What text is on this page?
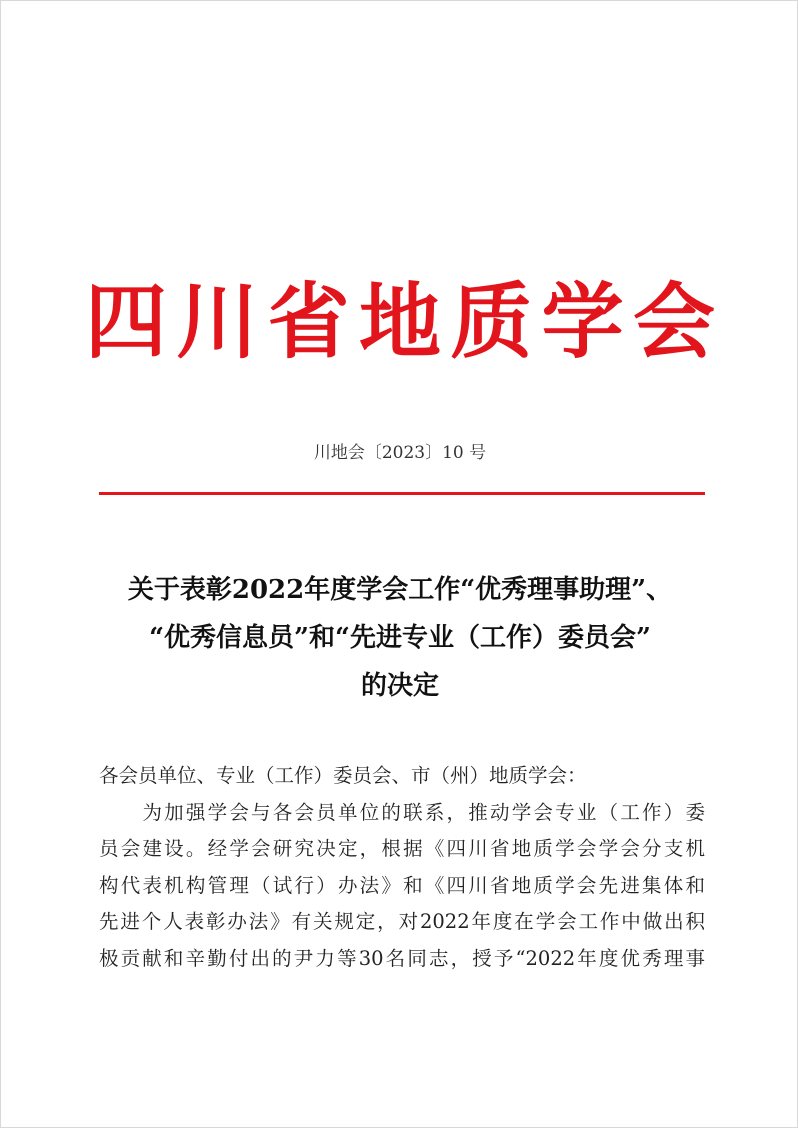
四 川 省 地 质 学 会
川地会〔2023〕10 号
关于表彰2022年度学会工作“优秀理事助理”、
“优秀信息员”和“先进专业（工作）委员会”
的决定
各会员单位、专业（工作）委员会、市（州）地质学会：
　　为加强学会与各会员单位的联系，推动学会专业（工作）委
员会建设。经学会研究决定，根据《四川省地质学会学会分支机
构代表机构管理（试行）办法》和《四川省地质学会先进集体和
先进个人表彰办法》有关规定，对2022年度在学会工作中做出积
极贡献和辛勤付出的尹力等30名同志，授予“2022年度优秀理事
